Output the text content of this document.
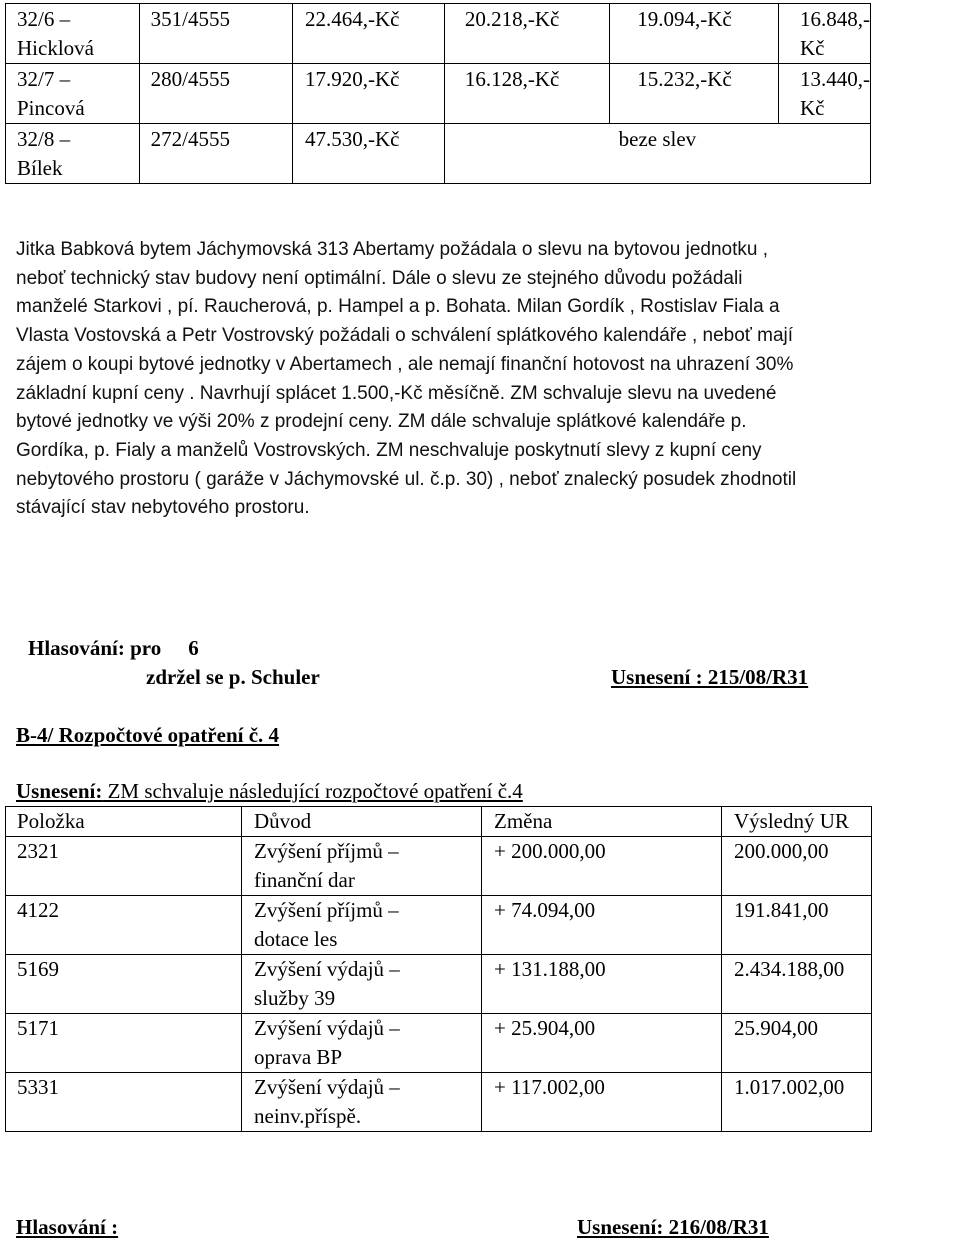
32/6 –
Hicklová	351/4555	22.464,-Kč	20.218,-Kč	19.094,-Kč	16.848,-Kč
32/7 –
Pincová	280/4555	17.920,-Kč	16.128,-Kč	15.232,-Kč	13.440,-Kč
32/8 –
Bílek	272/4555	47.530,-Kč	beze slev		
Jitka Babková bytem Jáchymovská 313 Abertamy požádala o slevu na bytovou jednotku ,
neboť technický stav budovy není optimální. Dále o slevu ze stejného důvodu požádali
manželé Starkovi , pí. Raucherová, p. Hampel a p. Bohata. Milan Gordík , Rostislav Fiala a
Vlasta Vostovská a Petr Vostrovský požádali o schválení splátkového kalendáře , neboť mají
zájem o koupi bytové jednotky v Abertamech , ale nemají finanční hotovost na uhrazení 30%
základní kupní ceny . Navrhují splácet 1.500,-Kč měsíčně. ZM schvaluje slevu na uvedené
bytové jednotky ve výši 20% z prodejní ceny. ZM dále schvaluje splátkové kalendáře p.
Gordíka, p. Fialy a manželů Vostrovských. ZM neschvaluje poskytnutí slevy z kupní ceny
nebytového prostoru ( garáže v Jáchymovské ul. č.p. 30) , neboť znalecký posudek zhodnotil
stávající stav nebytového prostoru.
Hlasování: pro 6
zdržel se p. Schuler	Usnesení : 215/08/R31
B-4/ Rozpočtové opatření č. 4
Usnesení: ZM schvaluje následující rozpočtové opatření č.4
Položka	Důvod	Změna	Výsledný UR
2321	Zvýšení příjmů –
finanční dar	+ 200.000,00	200.000,00
4122	Zvýšení příjmů –
dotace les	+ 74.094,00	191.841,00
5169	Zvýšení výdajů –
služby 39	+ 131.188,00	2.434.188,00
5171	Zvýšení výdajů –
oprava BP	+ 25.904,00	25.904,00
5331	Zvýšení výdajů –
neinv.příspě.	+ 117.002,00	1.017.002,00
Hlasování :	Usnesení: 216/08/R31
